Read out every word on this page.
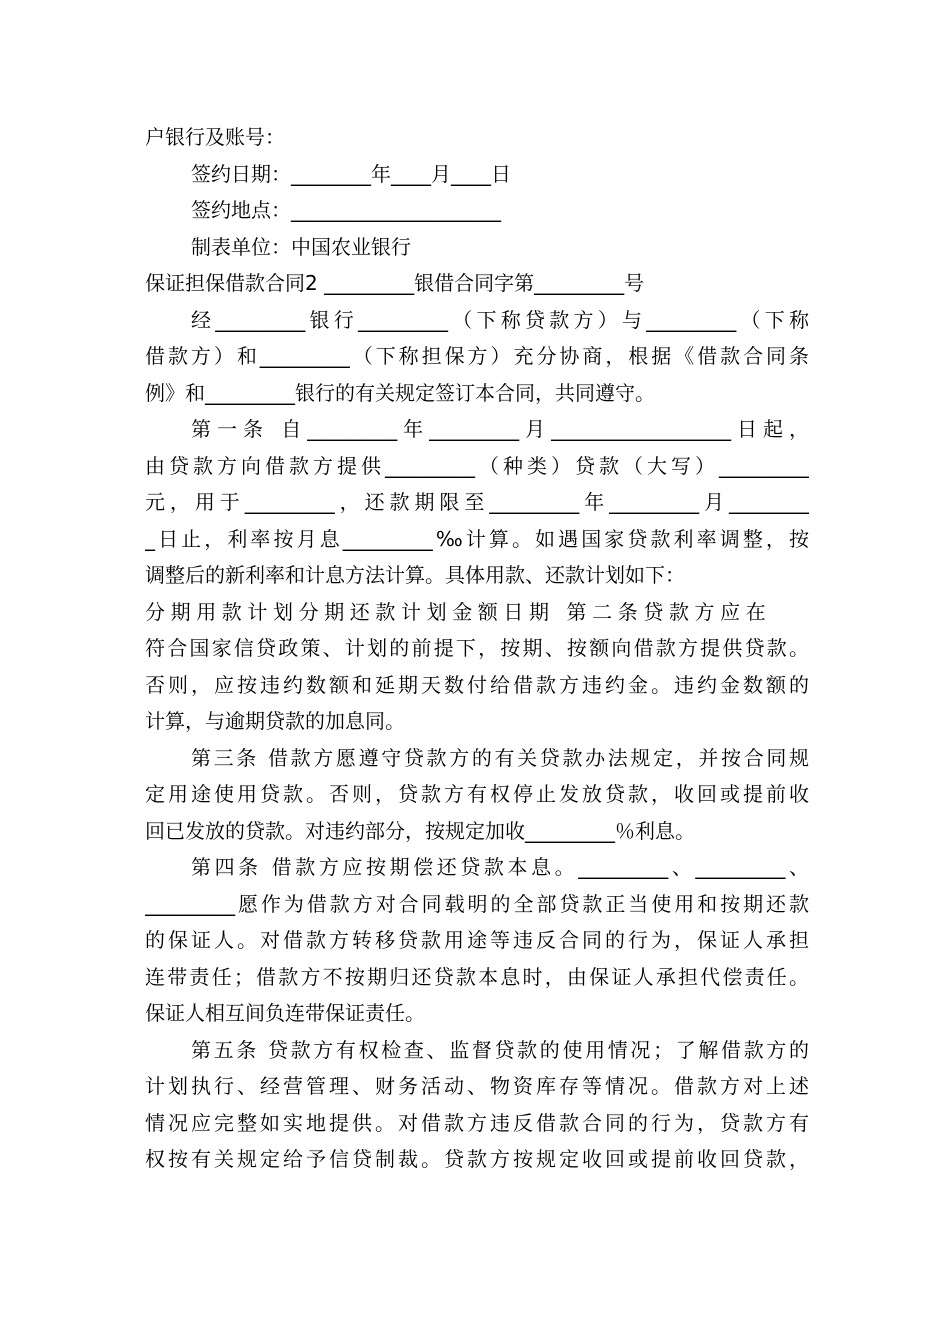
户银行及账号：
签约日期：________年____月____日
签约地点：_____________________
制表单位：中国农业银行
保证担保借款合同2 _________银借合同字第_________号
经_________银行_________（下称贷款方）与_________（下称
借款方）和_________（下称担保方）充分协商，根据《借款合同条
例》和_________银行的有关规定签订本合同，共同遵守。
第一条 自_________年_________月__________________日起，
由贷款方向借款方提供_________（种类）贷款（大写）_________
元，用于_________，还款期限至_________年_________月________
_日止，利率按月息_________‰计算。如遇国家贷款利率调整，按
调整后的新利率和计息方法计算。具体用款、还款计划如下：
分期用款计划分期还款计划金额日期 第二条贷款方应在
符合国家信贷政策、计划的前提下，按期、按额向借款方提供贷款。
否则，应按违约数额和延期天数付给借款方违约金。违约金数额的
计算，与逾期贷款的加息同。
第三条 借款方愿遵守贷款方的有关贷款办法规定，并按合同规
定用途使用贷款。否则，贷款方有权停止发放贷款，收回或提前收
回已发放的贷款。对违约部分，按规定加收_________％利息。
第四条 借款方应按期偿还贷款本息。_________、_________、
_________愿作为借款方对合同载明的全部贷款正当使用和按期还款
的保证人。对借款方转移贷款用途等违反合同的行为，保证人承担
连带责任；借款方不按期归还贷款本息时，由保证人承担代偿责任。
保证人相互间负连带保证责任。
第五条 贷款方有权检查、监督贷款的使用情况；了解借款方的
计划执行、经营管理、财务活动、物资库存等情况。借款方对上述
情况应完整如实地提供。对借款方违反借款合同的行为，贷款方有
权按有关规定给予信贷制裁。贷款方按规定收回或提前收回贷款，
